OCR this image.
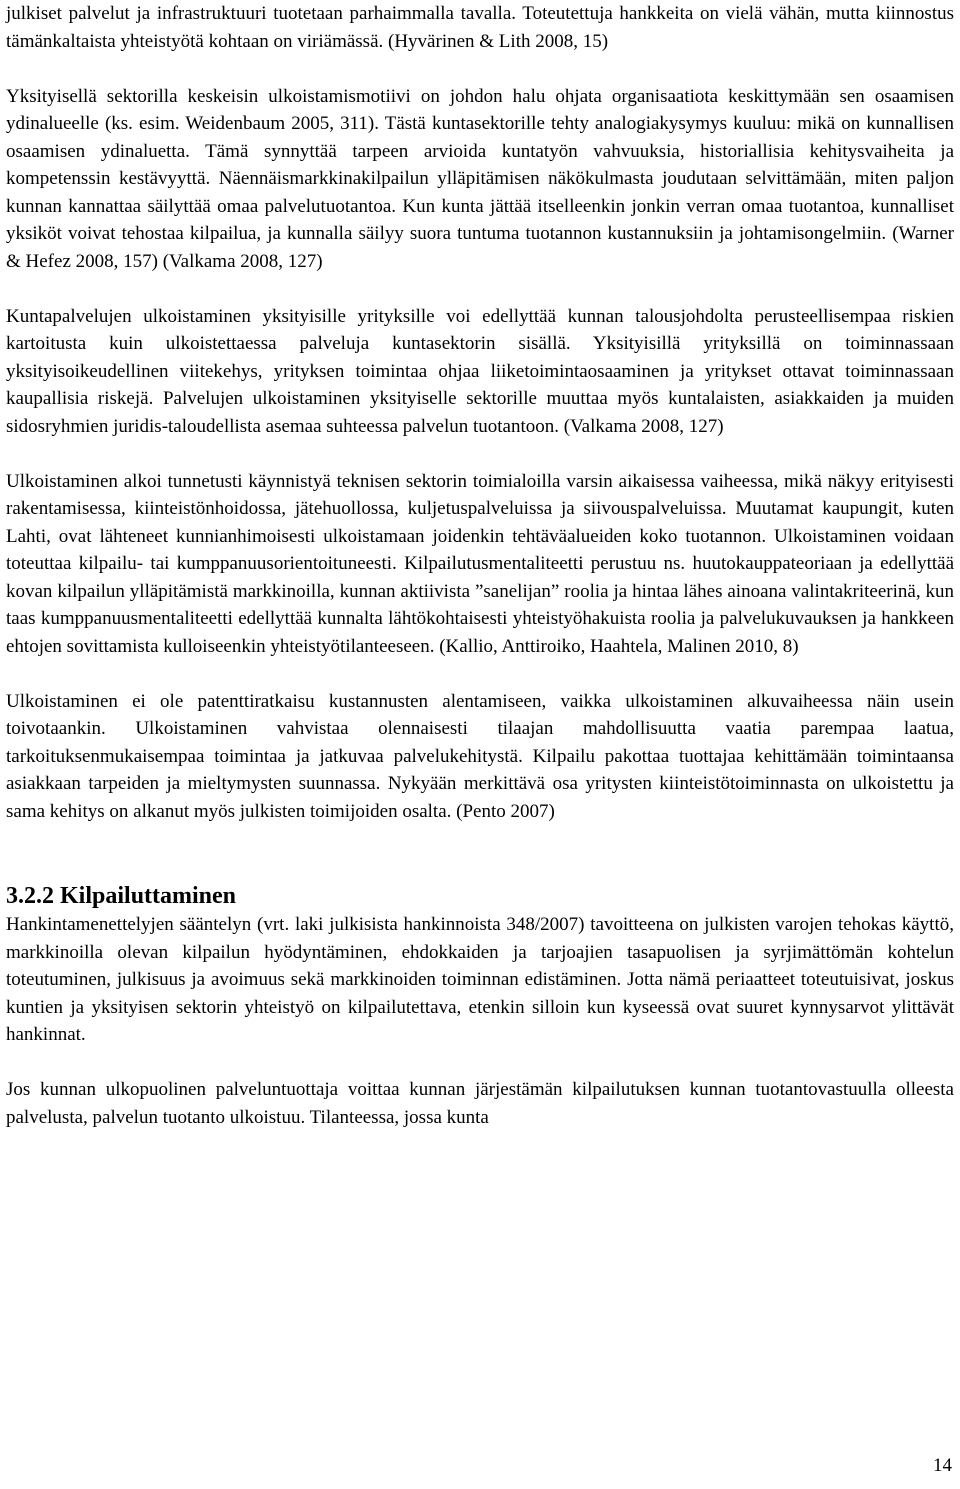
julkiset palvelut ja infrastruktuuri tuotetaan parhaimmalla tavalla. Toteutettuja hankkeita on vielä vähän, mutta kiinnostus tämänkaltaista yhteistyötä kohtaan on viriämässä. (Hyvärinen & Lith 2008, 15)

Yksityisellä sektorilla keskeisin ulkoistamismotiivi on johdon halu ohjata organisaatiota keskittymään sen osaamisen ydinalueelle (ks. esim. Weidenbaum 2005, 311). Tästä kuntasektorille tehty analogiakysymys kuuluu: mikä on kunnallisen osaamisen ydinaluetta. Tämä synnyttää tarpeen arvioida kuntatyön vahvuuksia, historiallisia kehitysvaiheita ja kompetenssin kestävyyttä. Näennäismarkkinakilpailun ylläpitämisen näkökulmasta joudutaan selvittämään, miten paljon kunnan kannattaa säilyttää omaa palvelutuotantoa. Kun kunta jättää itselleenkin jonkin verran omaa tuotantoa, kunnalliset yksiköt voivat tehostaa kilpailua, ja kunnalla säilyy suora tuntuma tuotannon kustannuksiin ja johtamisongelmiin. (Warner & Hefez 2008, 157) (Valkama 2008, 127)

Kuntapalvelujen ulkoistaminen yksityisille yrityksille voi edellyttää kunnan talousjohdolta perusteellisempaa riskien kartoitusta kuin ulkoistettaessa palveluja kuntasektorin sisällä. Yksityisillä yrityksillä on toiminnassaan yksityisoikeudellinen viitekehys, yrityksen toimintaa ohjaa liiketoimintaosaaminen ja yritykset ottavat toiminnassaan kaupallisia riskejä. Palvelujen ulkoistaminen yksityiselle sektorille muuttaa myös kuntalaisten, asiakkaiden ja muiden sidosryhmien juridis-taloudellista asemaa suhteessa palvelun tuotantoon. (Valkama 2008, 127)

Ulkoistaminen alkoi tunnetusti käynnistyä teknisen sektorin toimialoilla varsin aikaisessa vaiheessa, mikä näkyy erityisesti rakentamisessa, kiinteistönhoidossa, jätehuollossa, kuljetuspalveluissa ja siivouspalveluissa. Muutamat kaupungit, kuten Lahti, ovat lähteneet kunnianhimoisesti ulkoistamaan joidenkin tehtäväalueiden koko tuotannon. Ulkoistaminen voidaan toteuttaa kilpailu- tai kumppanuusorientoituneesti. Kilpailutusmentaliteetti perustuu ns. huutokauppateoriaan ja edellyttää kovan kilpailun ylläpitämistä markkinoilla, kunnan aktiivista ”sanelijan” roolia ja hintaa lähes ainoana valintakriteerinä, kun taas kumppanuusmentaliteetti edellyttää kunnalta lähtökohtaisesti yhteistyöhakuista roolia ja palvelukuvauksen ja hankkeen ehtojen sovittamista kulloiseenkin yhteistyötilanteeseen. (Kallio, Anttiroiko, Haahtela, Malinen 2010, 8)

Ulkoistaminen ei ole patenttiratkaisu kustannusten alentamiseen, vaikka ulkoistaminen alkuvaiheessa näin usein toivotaankin. Ulkoistaminen vahvistaa olennaisesti tilaajan mahdollisuutta vaatia parempaa laatua, tarkoituksenmukaisempaa toimintaa ja jatkuvaa palvelukehitystä. Kilpailu pakottaa tuottajaa kehittämään toimintaansa asiakkaan tarpeiden ja mieltymysten suunnassa. Nykyään merkittävä osa yritysten kiinteistötoiminnasta on ulkoistettu ja sama kehitys on alkanut myös julkisten toimijoiden osalta. (Pento 2007)

3.2.2 Kilpailuttaminen

Hankintamenettelyjen sääntelyn (vrt. laki julkisista hankinnoista 348/2007) tavoitteena on julkisten varojen tehokas käyttö, markkinoilla olevan kilpailun hyödyntäminen, ehdokkaiden ja tarjoajien tasapuolisen ja syrjimättömän kohtelun toteutuminen, julkisuus ja avoimuus sekä markkinoiden toiminnan edistäminen. Jotta nämä periaatteet toteutuisivat, joskus kuntien ja yksityisen sektorin yhteistyö on kilpailutettava, etenkin silloin kun kyseessä ovat suuret kynnysarvot ylittävät hankinnat.

Jos kunnan ulkopuolinen palveluntuottaja voittaa kunnan järjestämän kilpailutuksen kunnan tuotantovastuulla olleesta palvelusta, palvelun tuotanto ulkoistuu. Tilanteessa, jossa kunta

14
